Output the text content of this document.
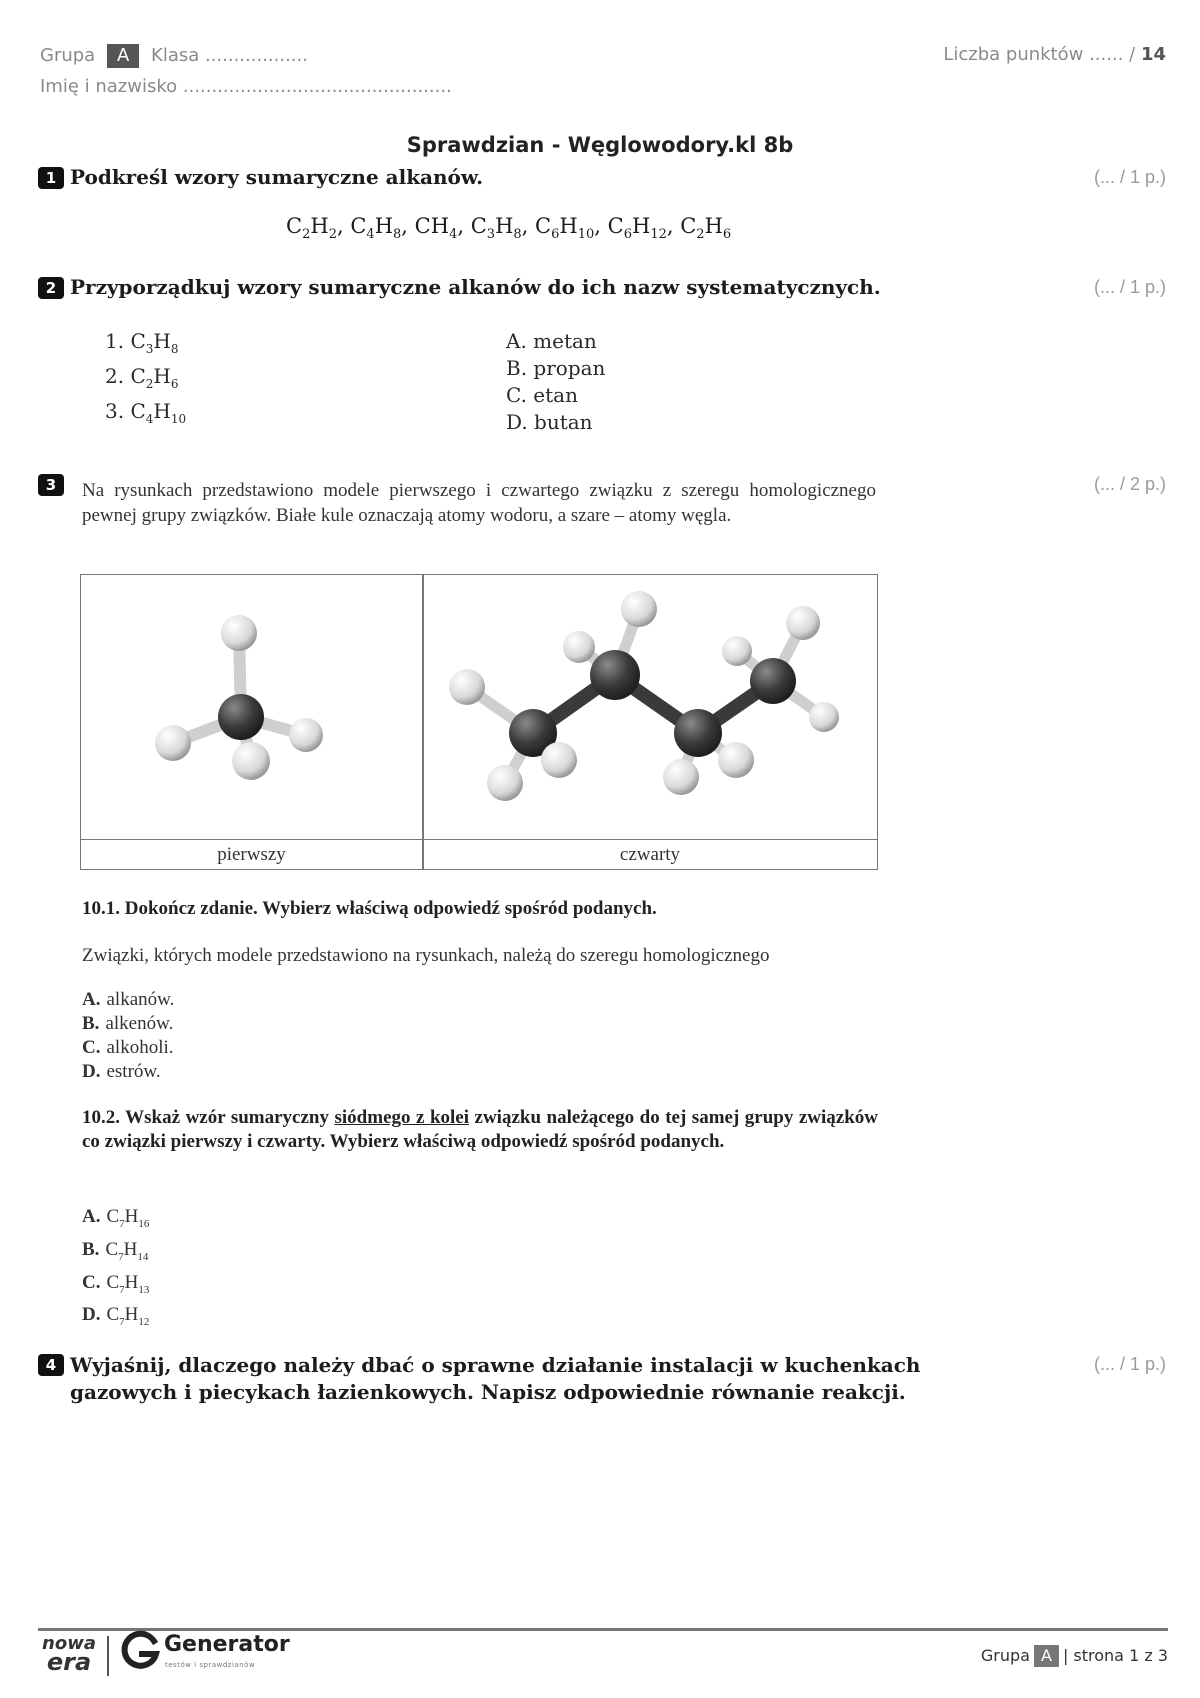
Grupa A Klasa ..................
Imię i nazwisko ...............................................
Liczba punktów ...... / 14
Sprawdzian - Węglowodory.kl 8b
1 Podkreśl wzory sumaryczne alkanów.	(... / 1 p.)
$C_2H_2$, $C_4H_8$, $CH_4$, $C_3H_8$, $C_6H_{10}$, $C_6H_{12}$, $C_2H_6$
2 Przyporządkuj wzory sumaryczne alkanów do ich nazw systematycznych.	(... / 1 p.)
1. $C_3H_8$
2. $C_2H_6$
3. $C_4H_{10}$
A. metan
B. propan
C. etan
D. butan
3	(... / 2 p.)
Na rysunkach przedstawiono modele pierwszego i czwartego związku z szeregu homologicznego pewnej grupy związków. Białe kule oznaczają atomy wodoru, a szare – atomy węgla.
pierwszy	czwarty
10.1. Dokończ zdanie. Wybierz właściwą odpowiedź spośród podanych.
Związki, których modele przedstawiono na rysunkach, należą do szeregu homologicznego
A. alkanów.
B. alkenów.
C. alkoholi.
D. estrów.
10.2. Wskaż wzór sumaryczny siódmego z kolei związku należącego do tej samej grupy związków co związki pierwszy i czwarty. Wybierz właściwą odpowiedź spośród podanych.
A. $C_7H_{16}$
B. $C_7H_{14}$
C. $C_7H_{13}$
D. $C_7H_{12}$
4	(... / 1 p.)
Wyjaśnij, dlaczego należy dbać o sprawne działanie instalacji w kuchenkach
gazowych i piecykach łazienkowych. Napisz odpowiednie równanie reakcji.
nowa
era
Generator
testów i sprawdzianów	Grupa A | strona 1 z 3
